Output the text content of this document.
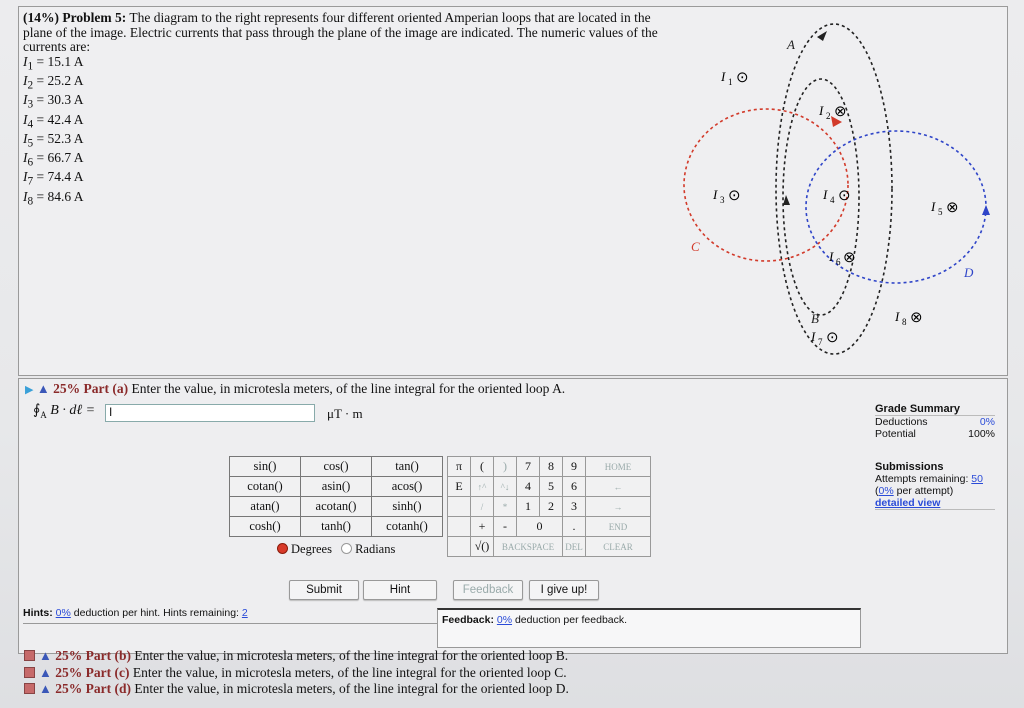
(14%) Problem 5: The diagram to the right represents four different oriented Amperian loops that are located in the plane of the image. Electric currents that pass through the plane of the image are indicated. The numeric values of the currents are:
$I_1 = 15.1$ A
$I_2 = 25.2$ A
$I_3 = 30.3$ A
$I_4 = 42.4$ A
$I_5 = 52.3$ A
$I_6 = 66.7$ A
$I_7 = 74.4$ A
$I_8 = 84.6$ A
A
B
C
D
I 1 ⊙
I 2 ⊗
I 3 ⊙	I 4 ⊙
I 5 ⊗
I 6 ⊗
I 7 ⊙
I 8 ⊗
▶ ▲ 25% Part (a) Enter the value, in microtesla meters, of the line integral for the oriented loop A.
$∮_A$ B · dℓ =	I	μT · m
sin()	cos()	tan()
cotan()	asin()	acos()
atan()	acotan()	sinh()
cosh()	tanh()	cotanh()
Degrees Radians
π	(	)	7	8	9	HOME
E	↑^	^↓	4	5	6	←
	/	*	1	2	3	→
	+	-	0		.	END
	√()	BACKSPACE			DEL	CLEAR
Submit	Hint	Feedback	I give up!
Grade Summary
Deductions	0%
Potential	100%
Submissions
Attempts remaining: 50
(0% per attempt)
detailed view
Hints: 0% deduction per hint. Hints remaining: 2
Feedback: 0% deduction per feedback.
▲ 25% Part (b) Enter the value, in microtesla meters, of the line integral for the oriented loop B.
▲ 25% Part (c) Enter the value, in microtesla meters, of the line integral for the oriented loop C.
▲ 25% Part (d) Enter the value, in microtesla meters, of the line integral for the oriented loop D.
